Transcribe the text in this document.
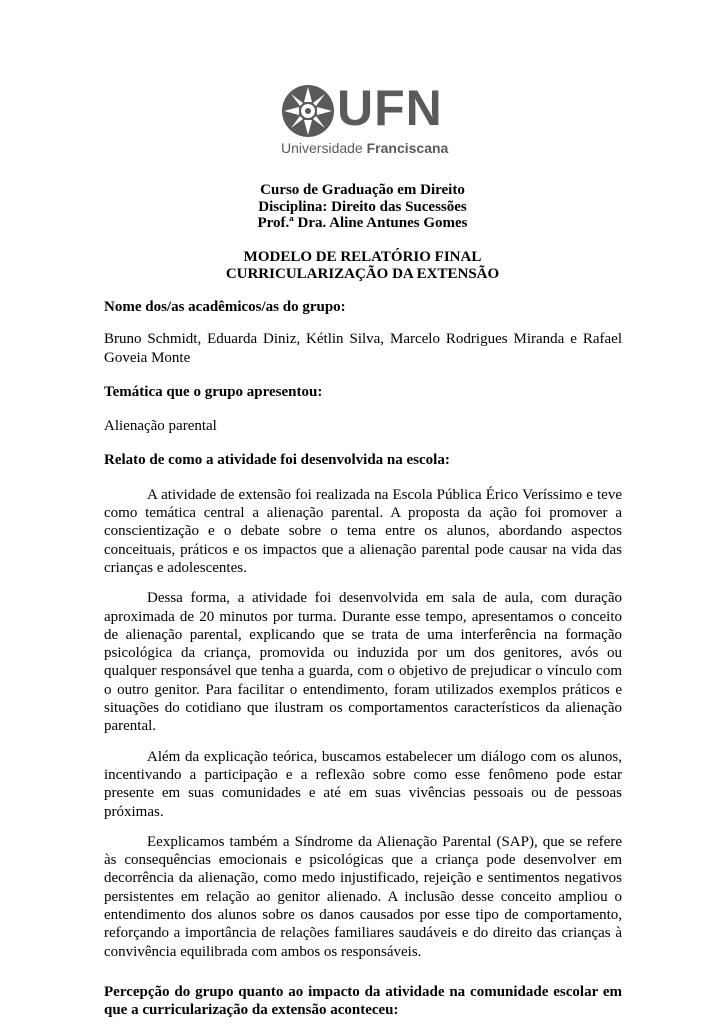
UFN
Universidade Franciscana
Curso de Graduação em Direito
Disciplina: Direito das Sucessões
Prof.ª Dra. Aline Antunes Gomes
MODELO DE RELATÓRIO FINAL
CURRICULARIZAÇÃO DA EXTENSÃO

Nome dos/as acadêmicos/as do grupo:

Bruno Schmidt, Eduarda Diniz, Kétlin Silva, Marcelo Rodrigues Miranda e Rafael Goveia Monte

Temática que o grupo apresentou:

Alienação parental

Relato de como a atividade foi desenvolvida na escola:

A atividade de extensão foi realizada na Escola Pública Érico Veríssimo e teve como temática central a alienação parental. A proposta da ação foi promover a conscientização e o debate sobre o tema entre os alunos, abordando aspectos conceituais, práticos e os impactos que a alienação parental pode causar na vida das crianças e adolescentes.

Dessa forma, a atividade foi desenvolvida em sala de aula, com duração aproximada de 20 minutos por turma. Durante esse tempo, apresentamos o conceito de alienação parental, explicando que se trata de uma interferência na formação psicológica da criança, promovida ou induzida por um dos genitores, avós ou qualquer responsável que tenha a guarda, com o objetivo de prejudicar o vínculo com o outro genitor. Para facilitar o entendimento, foram utilizados exemplos práticos e situações do cotidiano que ilustram os comportamentos característicos da alienação parental.

Além da explicação teórica, buscamos estabelecer um diálogo com os alunos, incentivando a participação e a reflexão sobre como esse fenômeno pode estar presente em suas comunidades e até em suas vivências pessoais ou de pessoas próximas.

Eexplicamos também a Síndrome da Alienação Parental (SAP), que se refere às consequências emocionais e psicológicas que a criança pode desenvolver em decorrência da alienação, como medo injustificado, rejeição e sentimentos negativos persistentes em relação ao genitor alienado. A inclusão desse conceito ampliou o entendimento dos alunos sobre os danos causados por esse tipo de comportamento, reforçando a importância de relações familiares saudáveis e do direito das crianças à convivência equilibrada com ambos os responsáveis.

Percepção do grupo quanto ao impacto da atividade na comunidade escolar em que a curricularização da extensão aconteceu:
